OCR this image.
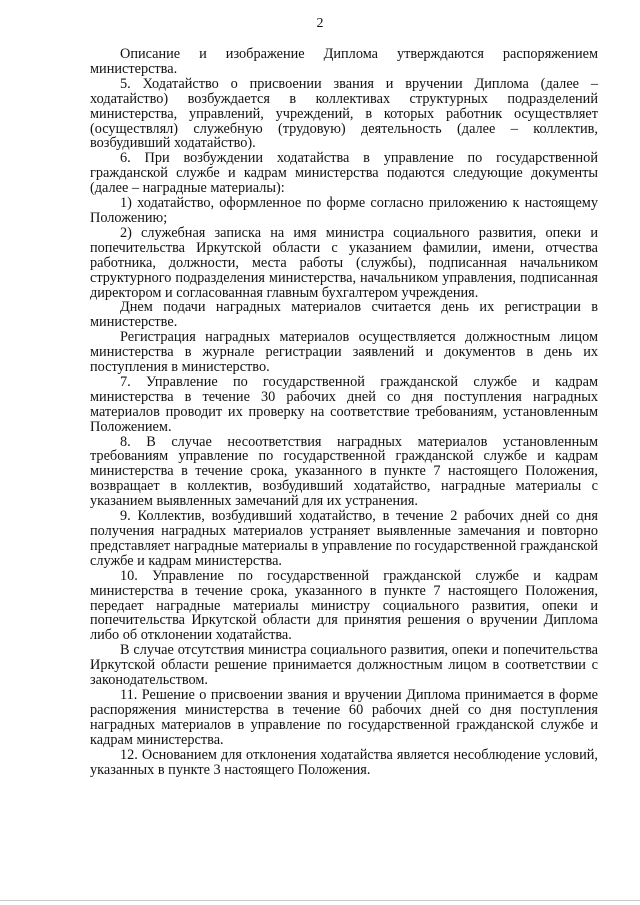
2

Описание и изображение Диплома утверждаются распоряжением министерства.

5. Ходатайство о присвоении звания и вручении Диплома (далее – ходатайство) возбуждается в коллективах структурных подразделений министерства, управлений, учреждений, в которых работник осуществляет (осуществлял) служебную (трудовую) деятельность (далее – коллектив, возбудивший ходатайство).

6. При возбуждении ходатайства в управление по государственной гражданской службе и кадрам министерства подаются следующие документы (далее – наградные материалы):

1) ходатайство, оформленное по форме согласно приложению к настоящему Положению;

2) служебная записка на имя министра социального развития, опеки и попечительства Иркутской области с указанием фамилии, имени, отчества работника, должности, места работы (службы), подписанная начальником структурного подразделения министерства, начальником управления, подписанная директором и согласованная главным бухгалтером учреждения.

Днем подачи наградных материалов считается день их регистрации в министерстве.

Регистрация наградных материалов осуществляется должностным лицом министерства в журнале регистрации заявлений и документов в день их поступления в министерство.

7. Управление по государственной гражданской службе и кадрам министерства в течение 30 рабочих дней со дня поступления наградных материалов проводит их проверку на соответствие требованиям, установленным Положением.

8. В случае несоответствия наградных материалов установленным требованиям управление по государственной гражданской службе и кадрам министерства в течение срока, указанного в пункте 7 настоящего Положения, возвращает в коллектив, возбудивший ходатайство, наградные материалы с указанием выявленных замечаний для их устранения.

9. Коллектив, возбудивший ходатайство, в течение 2 рабочих дней со дня получения наградных материалов устраняет выявленные замечания и повторно представляет наградные материалы в управление по государственной гражданской службе и кадрам министерства.

10. Управление по государственной гражданской службе и кадрам министерства в течение срока, указанного в пункте 7 настоящего Положения, передает наградные материалы министру социального развития, опеки и попечительства Иркутской области для принятия решения о вручении Диплома либо об отклонении ходатайства.

В случае отсутствия министра социального развития, опеки и попечительства Иркутской области решение принимается должностным лицом в соответствии с законодательством.

11. Решение о присвоении звания и вручении Диплома принимается в форме распоряжения министерства в течение 60 рабочих дней со дня поступления наградных материалов в управление по государственной гражданской службе и кадрам министерства.

12. Основанием для отклонения ходатайства является несоблюдение условий, указанных в пункте 3 настоящего Положения.
